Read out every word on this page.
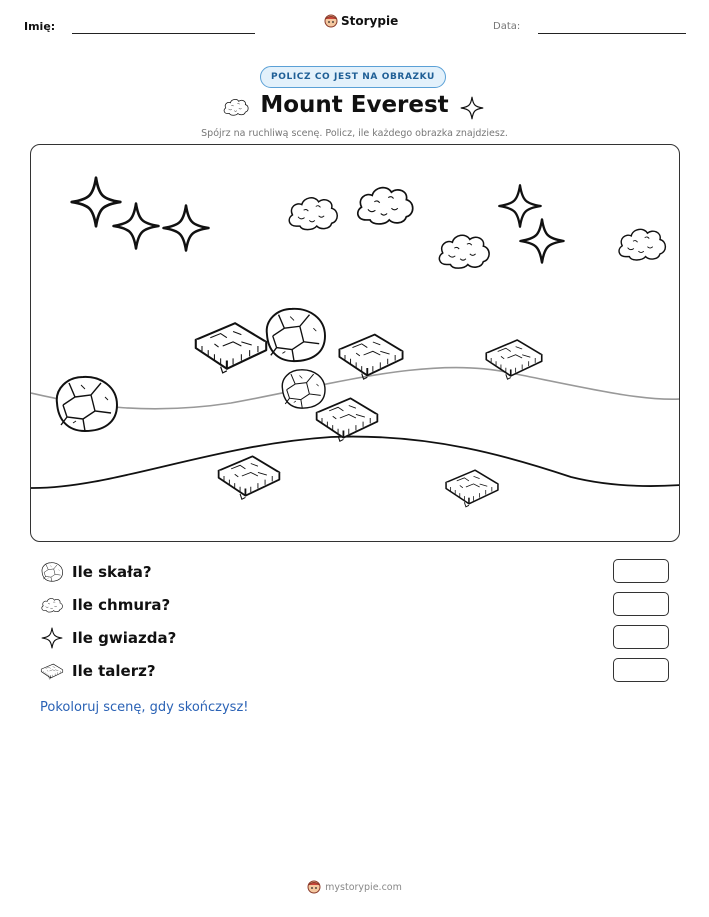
Imię:	Storypie	Data:
POLICZ CO JEST NA OBRAZKU
Mount Everest
Spójrz na ruchliwą scenę. Policz, ile każdego obrazka znajdziesz.
Ile skała?
Ile chmura?
Ile gwiazda?
Ile talerz?
Pokoloruj scenę, gdy skończysz!
mystorypie.com
